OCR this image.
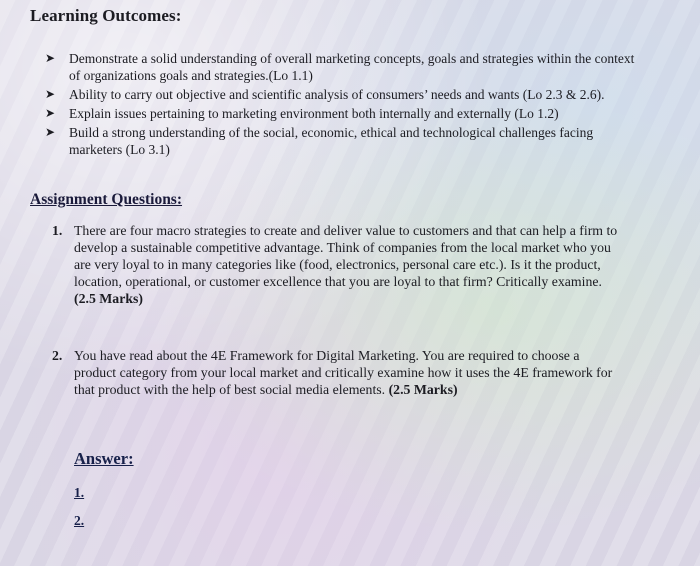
Learning Outcomes:
➤ Demonstrate a solid understanding of overall marketing concepts, goals and strategies within the context of organizations goals and strategies.(Lo 1.1)
➤ Ability to carry out objective and scientific analysis of consumers’ needs and wants (Lo 2.3 & 2.6).
➤ Explain issues pertaining to marketing environment both internally and externally (Lo 1.2)
➤ Build a strong understanding of the social, economic, ethical and technological challenges facing marketers (Lo 3.1)
Assignment Questions:
1. There are four macro strategies to create and deliver value to customers and that can help a firm to develop a sustainable competitive advantage. Think of companies from the local market who you are very loyal to in many categories like (food, electronics, personal care etc.). Is it the product, location, operational, or customer excellence that you are loyal to that firm? Critically examine. (2.5 Marks)
2. You have read about the 4E Framework for Digital Marketing. You are required to choose a product category from your local market and critically examine how it uses the 4E framework for that product with the help of best social media elements. (2.5 Marks)
Answer:
1.
2.
